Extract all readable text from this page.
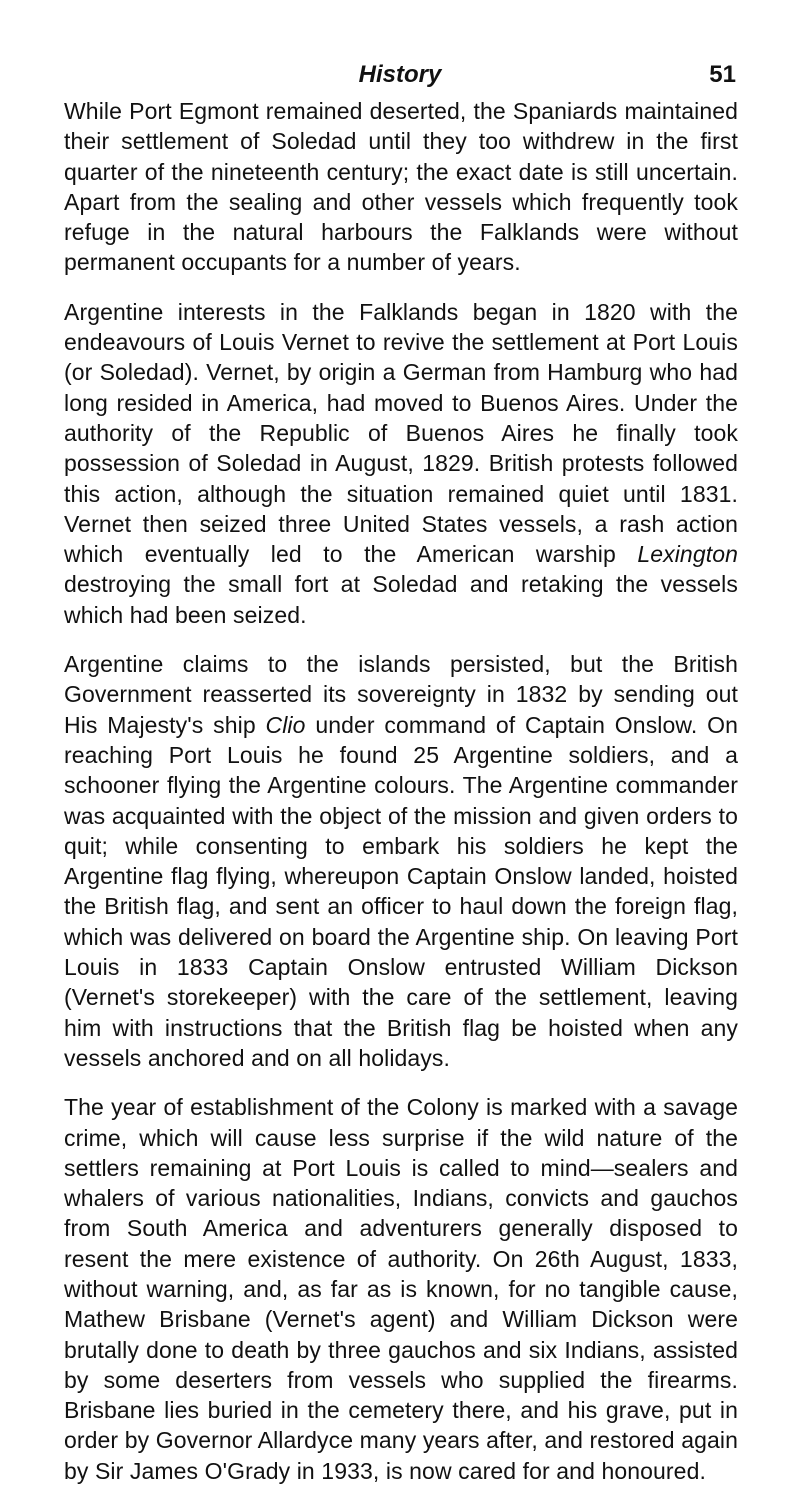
History	51

While Port Egmont remained deserted, the Spaniards maintained their settlement of Soledad until they too withdrew in the first quarter of the nineteenth century; the exact date is still uncertain. Apart from the sealing and other vessels which frequently took refuge in the natural harbours the Falklands were without permanent occupants for a number of years.

Argentine interests in the Falklands began in 1820 with the endeavours of Louis Vernet to revive the settlement at Port Louis (or Soledad). Vernet, by origin a German from Hamburg who had long resided in America, had moved to Buenos Aires. Under the authority of the Republic of Buenos Aires he finally took possession of Soledad in August, 1829. British protests followed this action, although the situation remained quiet until 1831. Vernet then seized three United States vessels, a rash action which eventually led to the American warship Lexington destroying the small fort at Soledad and retaking the vessels which had been seized.

Argentine claims to the islands persisted, but the British Government reasserted its sovereignty in 1832 by sending out His Majesty's ship Clio under command of Captain Onslow. On reaching Port Louis he found 25 Argentine soldiers, and a schooner flying the Argentine colours. The Argentine commander was acquainted with the object of the mission and given orders to quit; while consenting to embark his soldiers he kept the Argentine flag flying, whereupon Captain Onslow landed, hoisted the British flag, and sent an officer to haul down the foreign flag, which was delivered on board the Argentine ship. On leaving Port Louis in 1833 Captain Onslow entrusted William Dickson (Vernet's storekeeper) with the care of the settlement, leaving him with instructions that the British flag be hoisted when any vessels anchored and on all holidays.

The year of establishment of the Colony is marked with a savage crime, which will cause less surprise if the wild nature of the settlers remaining at Port Louis is called to mind—sealers and whalers of various nationalities, Indians, convicts and gauchos from South America and adventurers generally disposed to resent the mere existence of authority. On 26th August, 1833, without warning, and, as far as is known, for no tangible cause, Mathew Brisbane (Vernet's agent) and William Dickson were brutally done to death by three gauchos and six Indians, assisted by some deserters from vessels who supplied the firearms. Brisbane lies buried in the cemetery there, and his grave, put in order by Governor Allardyce many years after, and restored again by Sir James O'Grady in 1933, is now cared for and honoured.
